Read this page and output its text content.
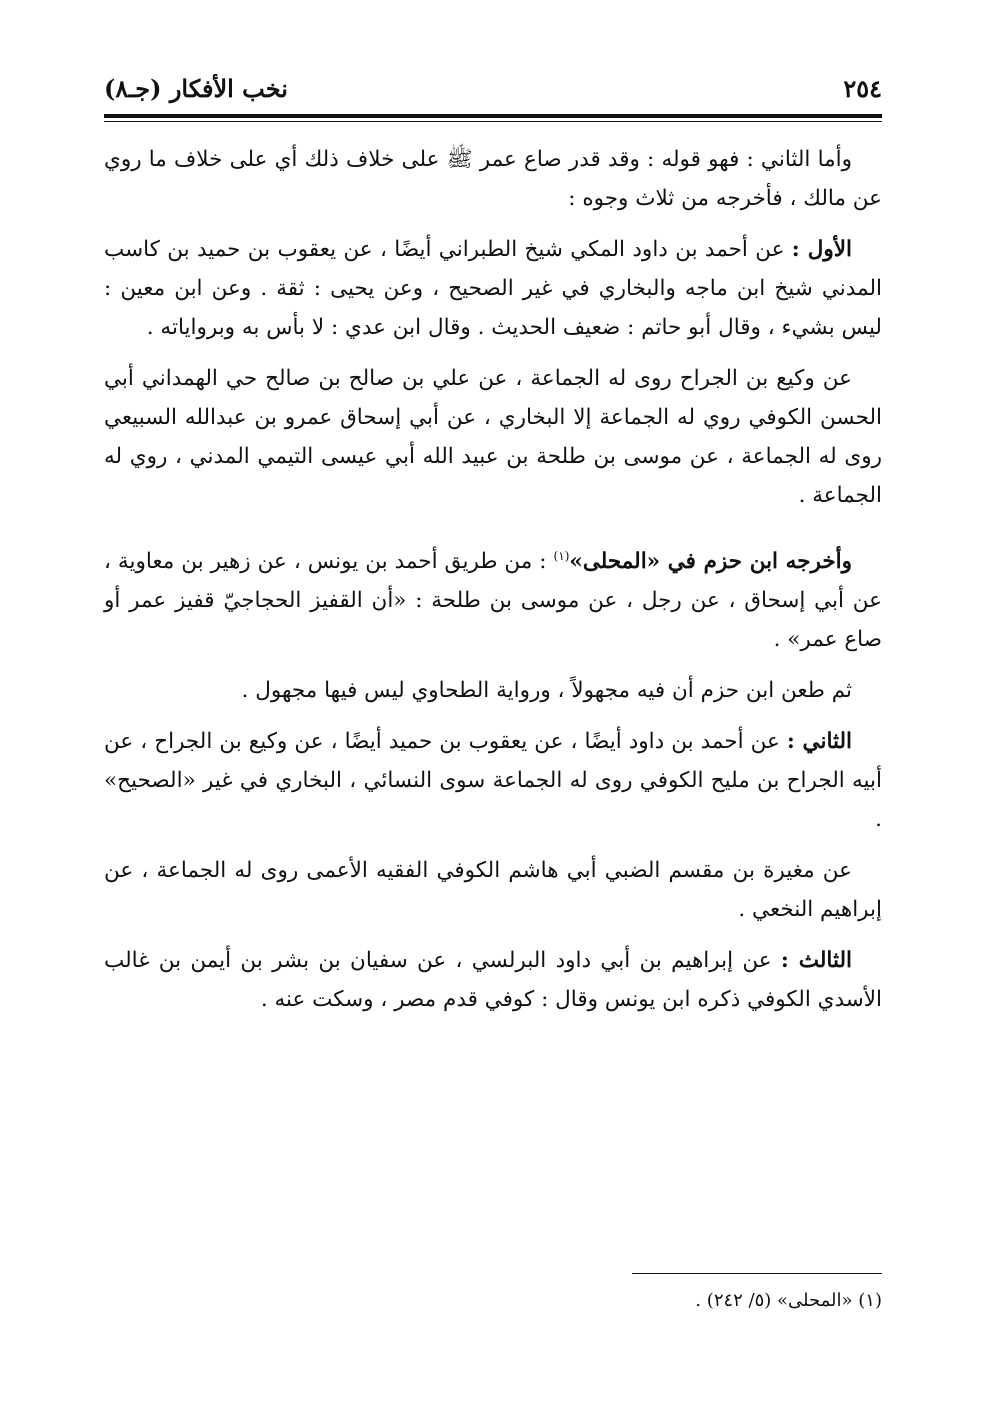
٢٥٤
نخب الأفكار (جـ٨)

وأما الثاني : فهو قوله : وقد قدر صاع عمر ﷺ على خلاف ذلك أي على خلاف ما روي عن مالك ، فأخرجه من ثلاث وجوه :

الأول : عن أحمد بن داود المكي شيخ الطبراني أيضًا ، عن يعقوب بن حميد بن كاسب المدني شيخ ابن ماجه والبخاري في غير الصحيح ، وعن يحيى : ثقة . وعن ابن معين : ليس بشيء ، وقال أبو حاتم : ضعيف الحديث . وقال ابن عدي : لا بأس به وبرواياته .

عن وكيع بن الجراح روى له الجماعة ، عن علي بن صالح بن صالح حي الهمداني أبي الحسن الكوفي روي له الجماعة إلا البخاري ، عن أبي إسحاق عمرو بن عبدالله السبيعي روى له الجماعة ، عن موسى بن طلحة بن عبيد الله أبي عيسى التيمي المدني ، روي له الجماعة .

وأخرجه ابن حزم في «المحلى»$^{(١)}$ : من طريق أحمد بن يونس ، عن زهير بن معاوية ، عن أبي إسحاق ، عن رجل ، عن موسى بن طلحة : «أن القفيز الحجاجيّ قفيز عمر أو صاع عمر» .

ثم طعن ابن حزم أن فيه مجهولاً ، ورواية الطحاوي ليس فيها مجهول .

الثاني : عن أحمد بن داود أيضًا ، عن يعقوب بن حميد أيضًا ، عن وكيع بن الجراح ، عن أبيه الجراح بن مليح الكوفي روى له الجماعة سوى النسائي ، البخاري في غير «الصحيح» .

عن مغيرة بن مقسم الضبي أبي هاشم الكوفي الفقيه الأعمى روى له الجماعة ، عن إبراهيم النخعي .

الثالث : عن إبراهيم بن أبي داود البرلسي ، عن سفيان بن بشر بن أيمن بن غالب الأسدي الكوفي ذكره ابن يونس وقال : كوفي قدم مصر ، وسكت عنه .

(١) «المحلى» (٥/ ٢٤٢) .
